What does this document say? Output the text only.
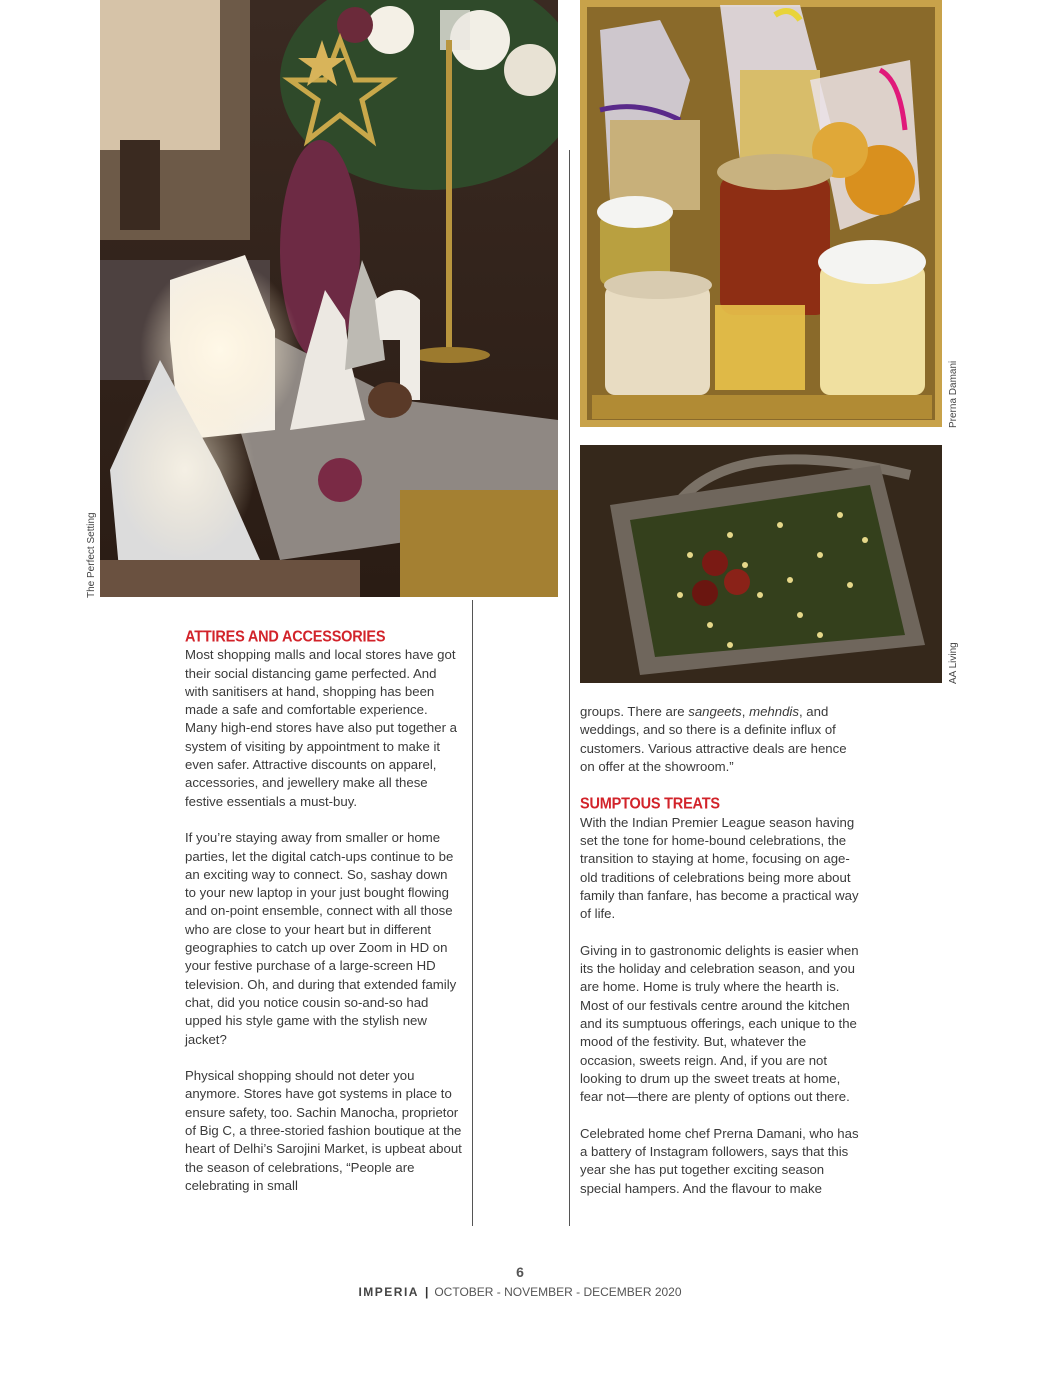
The Perfect Setting
Prerna Damani
AA Living
ATTIRES AND ACCESSORIES

Most shopping malls and local stores have got their social distancing game perfected. And with sanitisers at hand, shopping has been made a safe and comfortable experience. Many high-end stores have also put together a system of visiting by appointment to make it even safer. Attractive discounts on apparel, accessories, and jewellery make all these festive essentials a must-buy.

If you’re staying away from smaller or home parties, let the digital catch-ups continue to be an exciting way to connect. So, sashay down to your new laptop in your just bought flowing and on-point ensemble, connect with all those who are close to your heart but in different geographies to catch up over Zoom in HD on your festive purchase of a large-screen HD television. Oh, and during that extended family chat, did you notice cousin so-and-so had upped his style game with the stylish new jacket?

Physical shopping should not deter you anymore. Stores have got systems in place to ensure safety, too. Sachin Manocha, proprietor of Big C, a three-storied fashion boutique at the heart of Delhi’s Sarojini Market, is upbeat about the season of celebrations, “People are celebrating in small

groups. There are sangeets, mehndis, and weddings, and so there is a definite influx of customers. Various attractive deals are hence on offer at the showroom.”

SUMPTOUS TREATS

With the Indian Premier League season having set the tone for home-bound celebrations, the transition to staying at home, focusing on age-old traditions of celebrations being more about family than fanfare, has become a practical way of life.

Giving in to gastronomic delights is easier when its the holiday and celebration season, and you are home. Home is truly where the hearth is. Most of our festivals centre around the kitchen and its sumptuous offerings, each unique to the mood of the festivity. But, whatever the occasion, sweets reign. And, if you are not looking to drum up the sweet treats at home, fear not—there are plenty of options out there.

Celebrated home chef Prerna Damani, who has a battery of Instagram followers, says that this year she has put together exciting season special hampers. And the flavour to make

6
IMPERIA | OCTOBER - NOVEMBER - DECEMBER 2020
